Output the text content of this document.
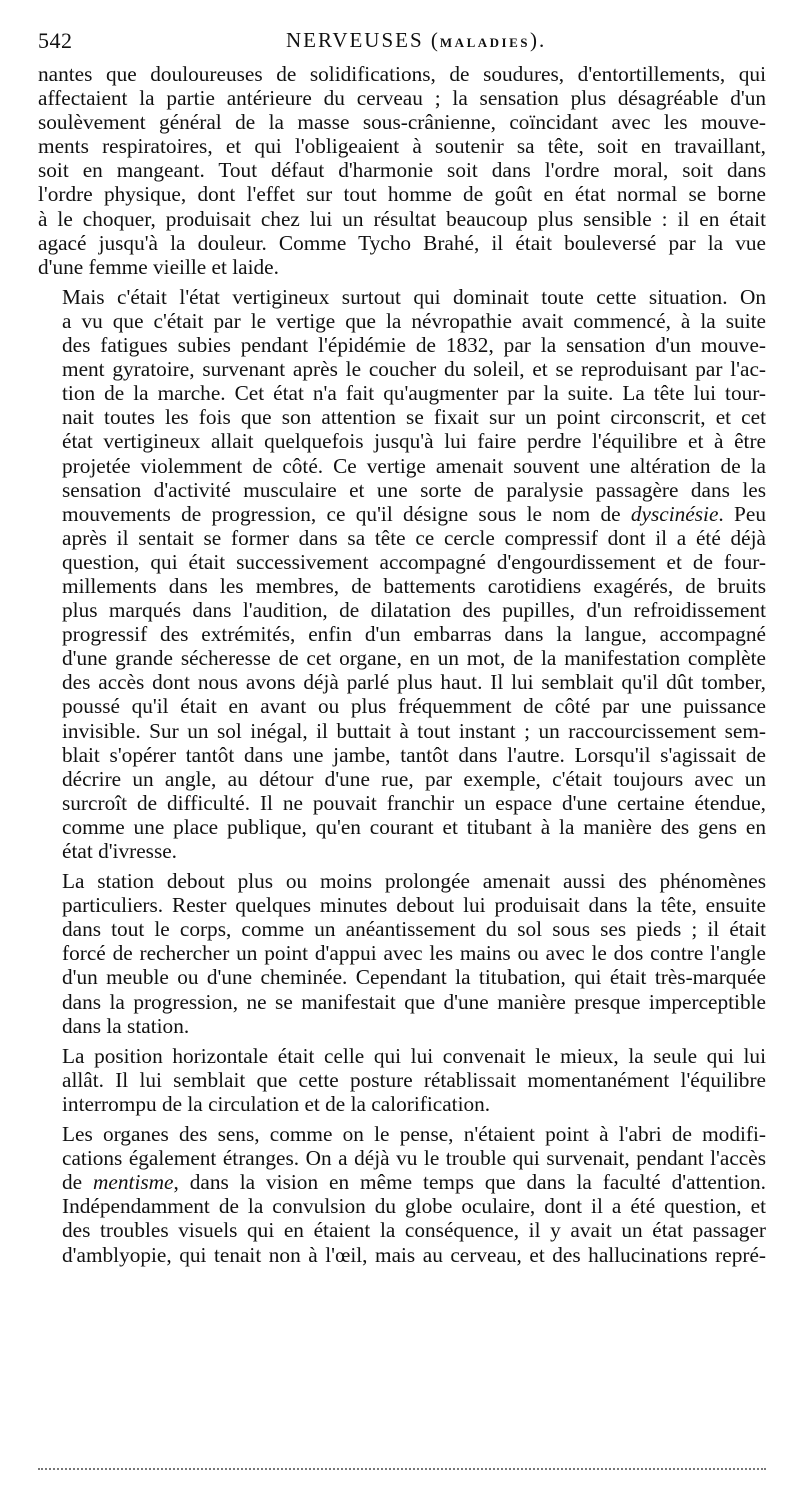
542	NERVEUSES (MALADIES).

nantes que douloureuses de solidifications, de soudures, d'entortillements, qui
affectaient la partie antérieure du cerveau ; la sensation plus désagréable d'un
soulèvement général de la masse sous-crânienne, coïncidant avec les mouve-
ments respiratoires, et qui l'obligeaient à soutenir sa tête, soit en travaillant,
soit en mangeant. Tout défaut d'harmonie soit dans l'ordre moral, soit dans
l'ordre physique, dont l'effet sur tout homme de goût en état normal se borne
à le choquer, produisait chez lui un résultat beaucoup plus sensible : il en était
agacé jusqu'à la douleur. Comme Tycho Brahé, il était bouleversé par la vue
d'une femme vieille et laide.

Mais c'était l'état vertigineux surtout qui dominait toute cette situation. On
a vu que c'était par le vertige que la névropathie avait commencé, à la suite
des fatigues subies pendant l'épidémie de 1832, par la sensation d'un mouve-
ment gyratoire, survenant après le coucher du soleil, et se reproduisant par l'ac-
tion de la marche. Cet état n'a fait qu'augmenter par la suite. La tête lui tour-
nait toutes les fois que son attention se fixait sur un point circonscrit, et cet
état vertigineux allait quelquefois jusqu'à lui faire perdre l'équilibre et à être
projetée violemment de côté. Ce vertige amenait souvent une altération de la
sensation d'activité musculaire et une sorte de paralysie passagère dans les
mouvements de progression, ce qu'il désigne sous le nom de dyscinésie. Peu
après il sentait se former dans sa tête ce cercle compressif dont il a été déjà
question, qui était successivement accompagné d'engourdissement et de four-
millements dans les membres, de battements carotidiens exagérés, de bruits
plus marqués dans l'audition, de dilatation des pupilles, d'un refroidissement
progressif des extrémités, enfin d'un embarras dans la langue, accompagné
d'une grande sécheresse de cet organe, en un mot, de la manifestation complète
des accès dont nous avons déjà parlé plus haut. Il lui semblait qu'il dût tomber,
poussé qu'il était en avant ou plus fréquemment de côté par une puissance
invisible. Sur un sol inégal, il buttait à tout instant ; un raccourcissement sem-
blait s'opérer tantôt dans une jambe, tantôt dans l'autre. Lorsqu'il s'agissait de
décrire un angle, au détour d'une rue, par exemple, c'était toujours avec un
surcroît de difficulté. Il ne pouvait franchir un espace d'une certaine étendue,
comme une place publique, qu'en courant et titubant à la manière des gens en
état d'ivresse.

La station debout plus ou moins prolongée amenait aussi des phénomènes
particuliers. Rester quelques minutes debout lui produisait dans la tête, ensuite
dans tout le corps, comme un anéantissement du sol sous ses pieds ; il était
forcé de rechercher un point d'appui avec les mains ou avec le dos contre l'angle
d'un meuble ou d'une cheminée. Cependant la titubation, qui était très-marquée
dans la progression, ne se manifestait que d'une manière presque imperceptible
dans la station.

La position horizontale était celle qui lui convenait le mieux, la seule qui lui
allât. Il lui semblait que cette posture rétablissait momentanément l'équilibre
interrompu de la circulation et de la calorification.

Les organes des sens, comme on le pense, n'étaient point à l'abri de modifi-
cations également étranges. On a déjà vu le trouble qui survenait, pendant l'accès
de mentisme, dans la vision en même temps que dans la faculté d'attention.
Indépendamment de la convulsion du globe oculaire, dont il a été question, et
des troubles visuels qui en étaient la conséquence, il y avait un état passager
d'amblyopie, qui tenait non à l'œil, mais au cerveau, et des hallucinations repré-
